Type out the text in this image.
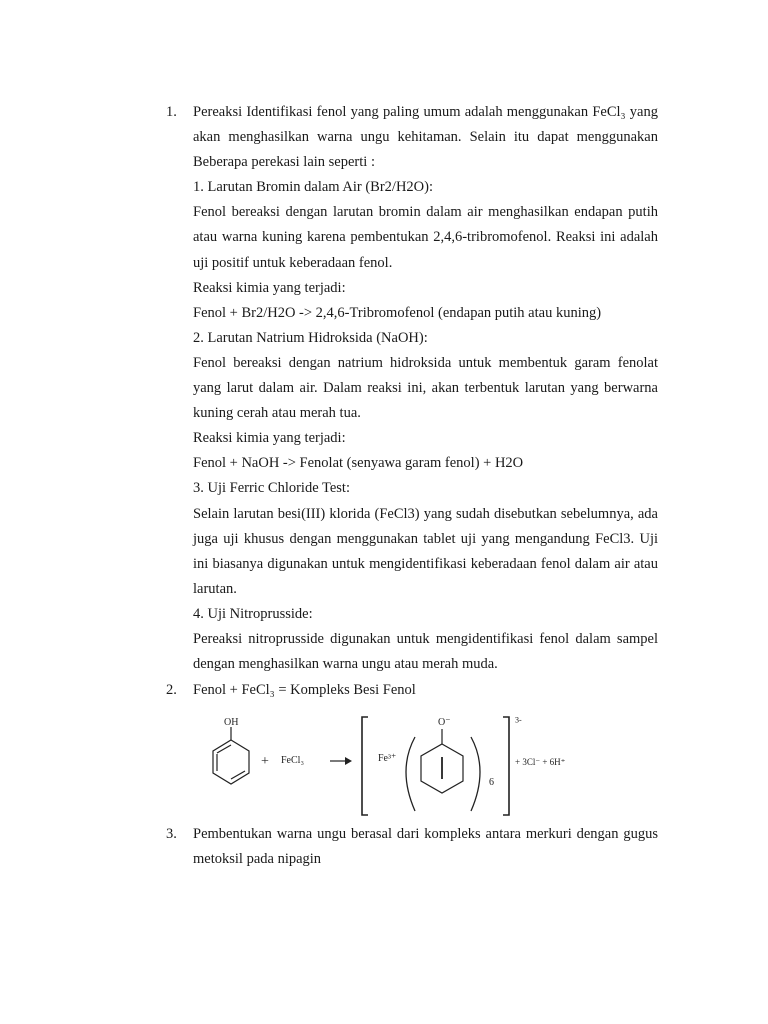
1. Pereaksi Identifikasi fenol yang paling umum adalah menggunakan FeCl₃ yang akan menghasilkan warna ungu kehitaman. Selain itu dapat menggunakan Beberapa perekasi lain seperti :

1. Larutan Bromin dalam Air (Br2/H2O):

Fenol bereaksi dengan larutan bromin dalam air menghasilkan endapan putih atau warna kuning karena pembentukan 2,4,6-tribromofenol. Reaksi ini adalah uji positif untuk keberadaan fenol.

Reaksi kimia yang terjadi:

Fenol + Br2/H2O -> 2,4,6-Tribromofenol (endapan putih atau kuning)

2. Larutan Natrium Hidroksida (NaOH):

Fenol bereaksi dengan natrium hidroksida untuk membentuk garam fenolat yang larut dalam air. Dalam reaksi ini, akan terbentuk larutan yang berwarna kuning cerah atau merah tua.

Reaksi kimia yang terjadi:

Fenol + NaOH -> Fenolat (senyawa garam fenol) + H2O

3. Uji Ferric Chloride Test:

Selain larutan besi(III) klorida (FeCl3) yang sudah disebutkan sebelumnya, ada juga uji khusus dengan menggunakan tablet uji yang mengandung FeCl3. Uji ini biasanya digunakan untuk mengidentifikasi keberadaan fenol dalam air atau larutan.

4. Uji Nitroprusside:

Pereaksi nitroprusside digunakan untuk mengidentifikasi fenol dalam sampel dengan menghasilkan warna ungu atau merah muda.

2. Fenol + FeCl₃ = Kompleks Besi Fenol

OH
+ FeCl₃	Fe³⁺
O⁻
6
3-
+ 3Cl⁻ + 6H⁺
3. Pembentukan warna ungu berasal dari kompleks antara merkuri dengan gugus metoksil pada nipagin
